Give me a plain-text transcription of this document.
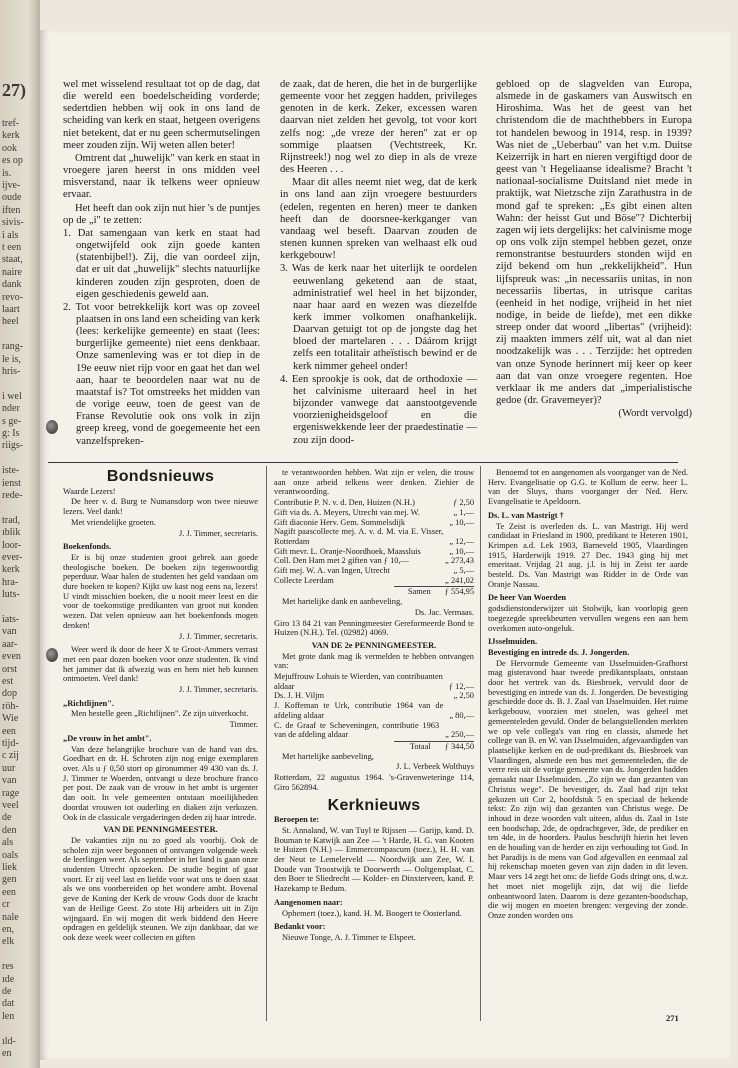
27)
tref-
kerk
ook
es op
is.
ijve-
oude
iften
sivis-
i als
t een
staat,
naire
dank
revo-
laart
heel
rang-
le is,
hris-
i wel
nder
s ge-
g: Is
riigs-
iste-
ienst
rede-
trad,
ıblik
loor-
ever-
kerk
hra-
luts-
iats-
van
aar-
even
orst
est
dop
röh-
Wie
een
tijd-
c zij
uur
van
rage
veel
de
den
als
oals
liek
gen
een
cr
nale
en,
elk
res
ıde
de
dat
len
ıld-
en

wel met wisselend resultaat tot op de dag, dat die wereld een boedelscheiding vorderde; sedertdien hebben wij ook in ons land de scheiding van kerk en staat, hetgeen overigens niet betekent, dat er nu geen schermutselingen meer zouden zijn. Wij weten allen beter!

Omtrent dat „huwelijk" van kerk en staat in vroegere jaren heerst in ons midden veel misverstand, naar ik telkens weer opnieuw ervaar.

Het heeft dan ook zijn nut hier 's de puntjes op de „i" te zetten:

1. Dat samengaan van kerk en staat had ongetwijfeld ook zijn goede kanten (statenbijbel!). Zij, die van oordeel zijn, dat er uit dat „huwelijk" slechts natuurlijke kinderen zouden zijn gesproten, doen de eigen geschiedenis geweld aan.

2. Tot voor betrekkelijk kort was op zoveel plaatsen in ons land een scheiding van kerk (lees: kerkelijke gemeente) en staat (lees: burgerlijke gemeente) niet eens denkbaar. Onze samenleving was er tot diep in de 19e eeuw niet rijp voor en gaat het dan wel aan, haar te beoordelen naar wat nu de maatstaf is? Tot omstreeks het midden van de vorige eeuw, toen de geest van de Franse Revolutie ook ons volk in zijn greep kreeg, vond de goegemeente het een vanzelfspreken-

de zaak, dat de heren, die het in de burgerlijke gemeente voor het zeggen hadden, privileges genoten in de kerk. Zeker, excessen waren daarvan niet zelden het gevolg, tot voor kort zelfs nog: „de vreze der heren" zat er op sommige plaatsen (Vechtstreek, Kr. Rijnstreek!) nog wel zo diep in als de vreze des Heeren . . .

Maar dit alles neemt niet weg, dat de kerk in ons land aan zijn vroegere bestuurders (edelen, regenten en heren) meer te danken heeft dan de doorsnee-kerkganger van vandaag wel beseft. Daarvan zouden de stenen kunnen spreken van welhaast elk oud kerkgebouw!

3. Was de kerk naar het uiterlijk te oordelen eeuwenlang geketend aan de staat, administratief wel heel in het bijzonder, naar haar aard en wezen was diezelfde kerk immer volkomen onafhankelijk. Daarvan getuigt tot op de jongste dag het bloed der martelaren . . . Dáárom krijgt zelfs een totalitair atheïstisch bewind er de kerk nimmer geheel onder!

4. Een sprookje is ook, dat de orthodoxie — het calvinisme uiteraard heel in het bijzonder vanwege dat aanstootgevende voorzienigheidsgeloof en die ergeniswekkende leer der praedestinatie — zou zijn dood-

gebloed op de slagvelden van Europa, alsmede in de gaskamers van Auswitsch en Hiroshima. Was het de geest van het christendom die de machthebbers in Europa tot handelen bewoog in 1914, resp. in 1939? Was niet de „Ueberbau" van het v.m. Duitse Keizerrijk in hart en nieren vergiftigd door de geest van 't Hegeliaanse idealisme? Bracht 't nationaal-socialisme Duitsland niet mede in praktijk, wat Nietzsche zijn Zarathustra in de mond gaf te spreken: „Es gibt einen alten Wahn: der heisst Gut und Böse"? Dichterbij zagen wij iets dergelijks: het calvinisme moge op ons volk zijn stempel hebben gezet, onze remonstrantse bestuurders stonden wijd en zijd bekend om hun „rekkelijkheid". Hun lijfspreuk was: „in necessariis unitas, in non necessariis libertas, in utrisque caritas (eenheid in het nodige, vrijheid in het niet nodige, in beide de liefde), met een dikke streep onder dat woord „libertas" (vrijheid): zij maakten immers zélf uit, wat al dan niet noodzakelijk was . . . Terzijde: het optreden van onze Synode herinnert mij keer op keer aan dat van onze vroegere regenten. Hoe verklaar ik me anders dat „imperialistische gedoe (dr. Gravemeyer)?

(Wordt vervolgd)

Bondsnieuws

Waarde Lezers!

De heer v. d. Burg te Numansdorp won twee nieuwe lezers. Veel dank!

Met vriendelijke groeten.

J. J. Timmer, secretaris.

Boekenfonds.

Er is bij onze studenten groot gebrek aan goede theologische boeken. De boeken zijn tegenwoordig peperduur. Waar halen de studenten het geld vandaan om dure boeken te kopen? Kijkt uw kast nog eens na, lezers! U vindt misschien boeken, die u nooit meer leest en die voor de toekomstige predikanten van groot nut konden wezen. Dat velen opnieuw aan het boekenfonds mogen denken!

J. J. Timmer, secretaris.

Weer werd ik door de heer X te Groot-Ammers verrast met een paar dozen boeken voor onze studenten. Ik vind het jammer dat ik afwezig was en hem niet heb kunnen ontmoeten. Veel dank!

J. J. Timmer, secretaris.

„Richtlijnen".

Men bestelle geen „Richtlijnen". Ze zijn uitverkocht.

Timmer.

„De vrouw in het ambt".

Van deze belangrijke brochure van de hand van drs. Goedhart en dr. H. Schroten zijn nog enige exemplaren over. Als u ƒ 0,50 stort op gironummer 49 430 van ds. J. J. Timmer te Woerden, ontvangt u deze brochure franco per post. De zaak van de vrouw in het ambt is urgenter dan ooit. In vele gemeenten ontstaan moeilijkheden doordat vrouwen tot ouderling en diaken zijn verkozen. Ook in de classicale vergaderingen deden zij haar intrede.

VAN DE PENNINGMEESTER.

De vakanties zijn nu zo goed als voorbij. Ook de scholen zijn weer begonnen of ontvangen volgende week de leerlingen weer. Als september in het land is gaan onze studenten Utrecht opzoeken. De studie begint of gaat voort. Er zij veel last en liefde voor wat ons te doen staat als we ons voorbereiden op het wondere ambt. Bovenal geve de Koning der Kerk de vrouw Gods door de kracht van de Heilige Geest. Zo stote Hij arbeiders uit in Zijn wijngaard. En wij mogen dit werk biddend den Heere opdragen en geldelijk steunen. We zijn dankbaar, dat we ook deze week weer collecten en giften

te verantwoorden hebben. Wat zijn er velen, die trouw aan onze arbeid telkens weer denken. Ziehier de verantwoording.

Contributie P. N. v. d. Den, Huizen (N.H.)	ƒ 2,50
Gift via ds. A. Meyers, Utrecht van mej. W.	„ 1,—
Gift diaconie Herv. Gem. Sommelsdijk	„ 10,—
Nagift paascollecte mej. A. v. d. M. via E. Visser, Rotterdam	„ 12,—
Gift mevr. L. Oranje-Noordhoek, Maassluis	„ 10,—
Coll. Den Ham met 2 giften van ƒ 10,—	„ 273,43
Gift mej. W. A. van Ingen, Utrecht	„ 5,—
Collecte Leerdam	„ 241,02
Samen ƒ 554,95

Met hartelijke dank en aanbeveling,

Ds. Jac. Vermaas.

Giro 13 84 21 van Penningmeester Gereformeerde Bond te Huizen (N.H.). Tel. (02982) 4069.

VAN DE 2e PENNINGMEESTER.

Met grote dank mag ik vermelden te hebben ontvangen van:

Mejuffrouw Lohuis te Wierden, van contribuanten aldaar	ƒ 12,—
Ds. J. H. Viljm	„ 2,50
J. Koffeman te Urk, contributie 1964 van de afdeling aldaar	„ 80,—
C. de Graaf te Scheveningen, contributie 1963 van de afdeling aldaar	„ 250,—
Totaal ƒ 344,50

Met hartelijke aanbeveling,

J. L. Verbeek Wolthuys

Rotterdam, 22 augustus 1964. 's-Gravenweteringe 114, Giro 562894.

Kerknieuws

Beroepen te:

St. Annaland, W. van Tuyl te Rijssen — Garijp, kand. D. Bouman te Katwijk aan Zee — 't Harde, H. G. van Kooten te Huizen (N.H.) — Emmercompascum (toez.), H. H. van der Neut te Lemelerveld — Noordwijk aan Zee, W. I. Doude van Troostwijk te Doorwerth — Ooltgensplaat, C. den Boer te Sliedrecht — Kolder- en Dinxterveen, kand. P. Hazekamp te Bedum.

Aangenomen naar:

Ophemert (toez.), kand. H. M. Boogert te Oosterland.

Bedankt voor:

Nieuwe Tonge, A. J. Timmer te Elspeet.

Benoemd tot en aangenomen als voorganger van de Ned. Herv. Evangelisatie op G.G. te Kollum de eerw. heer L. van der Sluys, thans voorganger der Ned. Herv. Evangelisatie te Apeldoorn.

Ds. L. van Mastrigt †

Te Zeist is overleden ds. L. van Mastrigt. Hij werd candidaat in Friesland in 1900, predikant te Heteren 1901, Krimpen a.d. Lek 1903, Barneveld 1905, Vlaardingen 1915, Harderwijk 1919. 27 Dec. 1943 ging hij met emeritaat. Vrijdag 21 aug. j.l. is hij in Zeist ter aarde besteld. Ds. Van Mastrigt was Ridder in de Orde van Oranje Nassau.

De heer Van Woerden

godsdienstonderwijzer uit Stolwijk, kan voorlopig geen toegezegde spreekbeurten vervullen wegens een aan hem overkomen auto-ongeluk.

IJsselmuiden.

Bevestiging en intrede ds. J. Jongerden.

De Hervormde Gemeente van IJsselmuiden-Grafhorst mag gisteravond haar tweede predikantsplaats, ontstaan door het vertrek van ds. Biesbroek, vervuld door de bevestiging en intrede van ds. J. Jongerden. De bevestiging geschiedde door ds. B. J. Zaal van IJsselmuiden. Het ruime kerkgebouw, voorzien met stoelen, was geheel met gemeenteleden gevuld. Onder de belangstellenden merkten we op vele collega's van ring en classis, alsmede het college van B. en W. van IJsselmuiden, afgevaardigden van plaatselijke kerken en de oud-predikant ds. Biesbroek van Vlaardingen, alsmede een bus met gemeenteleden, die de verre reis uit de vorige gemeente van ds. Jongerden hadden gemaakt naar IJsselmuiden. „Zo zijn we dan gezanten van Christus wege". De bevestiger, ds. Zaal had zijn tekst gekozen uit Cor 2, hoofdstuk 5 en speciaal de bekende tekst: Zo zijn wij dan gezanten van Christus wege. De inhoud in deze woorden valt uiteen, aldus ds. Zaal in 1ste een boodschap, 2de, de opdrachtgever, 3de, de prediker en ten 4de, in de hoorders. Paulus beschrijft hierin het leven en de houding van de herder en zijn verhouding tot God. In het Paradijs is de mens van God afgevallen en eenmaal zal hij rekenschap moeten geven van zijn daden in dit leven. Maar vers 14 zegt het ons: de liefde Gods dringt ons, d.w.z. het moet niet mogelijk zijn, dat wij die liefde onbeantwoord laten. Daarom is deze gezanten-boodschap, die wij mogen en moeten brengen: vergeving der zonde. Onze zonden worden ons

271
